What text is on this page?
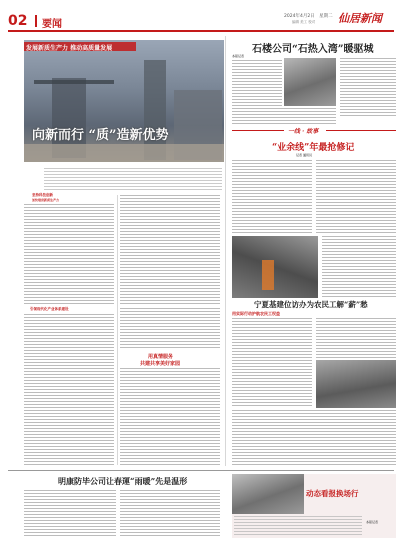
02 要闻
2024年4月2日　星期二
编辑 美工 校对 仙居新闻
发展新质生产力 推动高质量发展
向新而行 “质”造新优势
坚持科技创新
加快培育新质生产力
引领现代化产业体系建设
用真情服务
共建共享美好家园
石楼公司“石热入湾”暖驱城
本报记者
一线 · 故事
“业余线”年最抢修记
记者 通讯员
宁夏基建位访办为农民工解“薪”愁
用实际行动护航农民工权益
明康防毕公司让春運“雨暖”先是温形
动态看报换场行
本报记者
